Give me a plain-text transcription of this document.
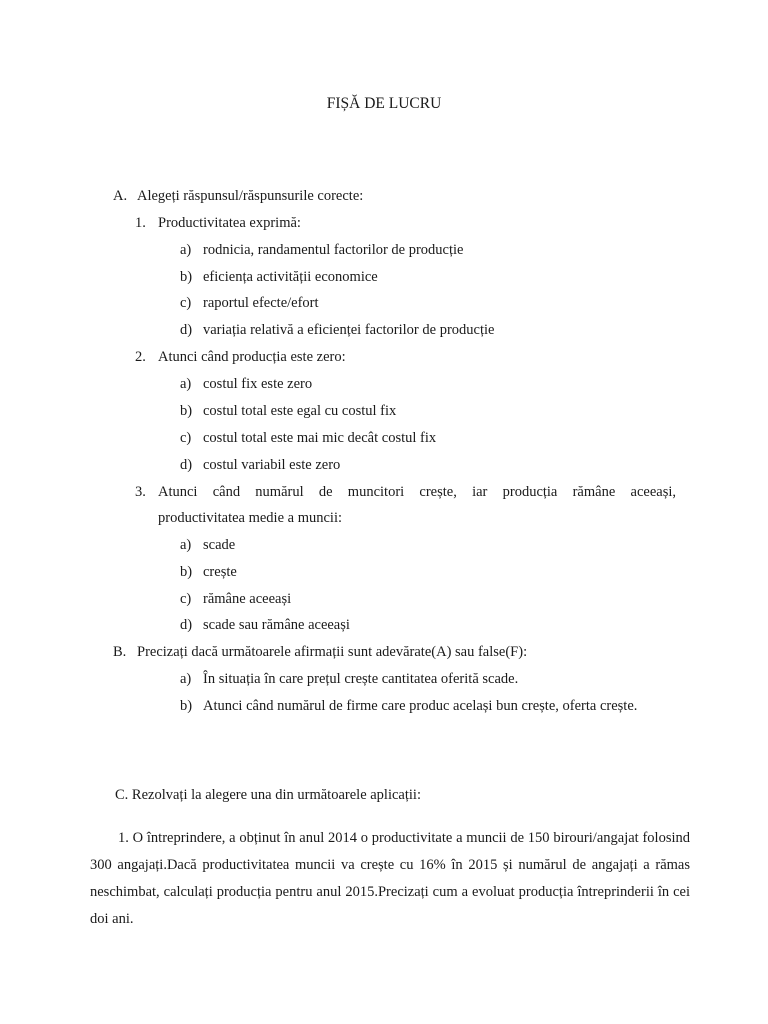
FIȘĂ DE LUCRU
A. Alegeți răspunsul/răspunsurile corecte:
1. Productivitatea exprimă:
a) rodnicia, randamentul factorilor de producție
b) eficiența activității economice
c) raportul efecte/efort
d) variația relativă a eficienței factorilor de producție
2. Atunci când producția este zero:
a) costul fix este zero
b) costul total este egal cu costul fix
c) costul total este mai mic decât costul fix
d) costul variabil este zero
3. Atunci când numărul de muncitori crește, iar producția rămâne aceeași,
productivitatea medie a muncii:
a) scade
b) crește
c) rămâne aceeași
d) scade sau rămâne aceeași
B. Precizați dacă următoarele afirmații sunt adevărate(A) sau false(F):
a) În situația în care prețul crește cantitatea oferită scade.
b) Atunci când numărul de firme care produc același bun crește, oferta crește.
C. Rezolvați la alegere una din următoarele aplicații:
1. O întreprindere, a obținut în anul 2014 o productivitate a muncii de 150 birouri/angajat folosind 300 angajați.Dacă productivitatea muncii va crește cu 16% în 2015 și numărul de angajați a rămas neschimbat, calculați producția pentru anul 2015.Precizați cum a evoluat producția întreprinderii în cei doi ani.
